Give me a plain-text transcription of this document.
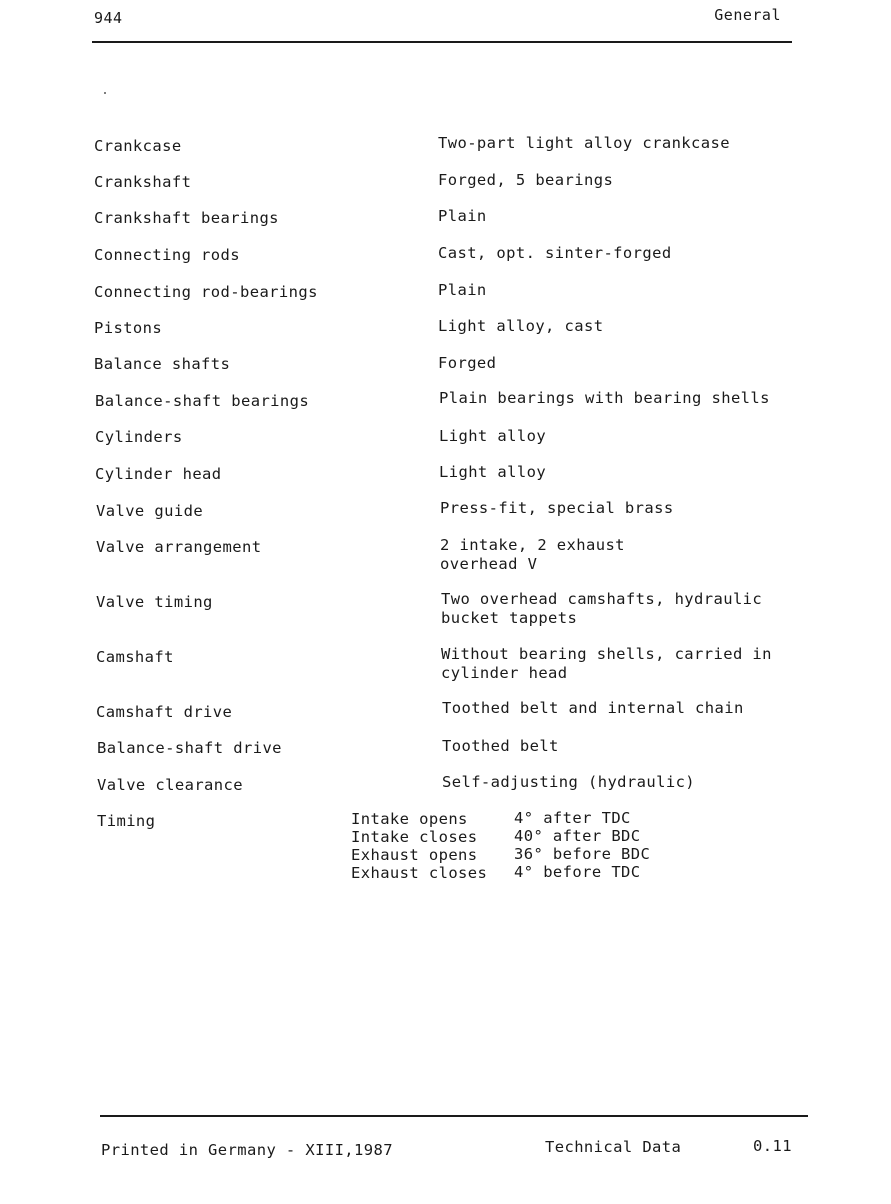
944	General
Crankcase	Two-part light alloy crankcase
Crankshaft	Forged, 5 bearings
Crankshaft bearings	Plain
Connecting rods	Cast, opt. sinter-forged
Connecting rod-bearings	Plain
Pistons	Light alloy, cast
Balance shafts	Forged
Balance-shaft bearings	Plain bearings with bearing shells
Cylinders	Light alloy
Cylinder head	Light alloy
Valve guide	Press-fit, special brass
Valve arrangement	2 intake, 2 exhaust
overhead V
Valve timing	Two overhead camshafts, hydraulic
bucket tappets
Camshaft	Without bearing shells, carried in
cylinder head
Camshaft drive	Toothed belt and internal chain
Balance-shaft drive	Toothed belt
Valve clearance	Self-adjusting (hydraulic)
Timing	Intake opens	4° after TDC
Intake closes 40° after BDC
Exhaust opens 36° before BDC
Exhaust closes 4° before TDC
Printed in Germany - XIII,1987	Technical Data	0.11
